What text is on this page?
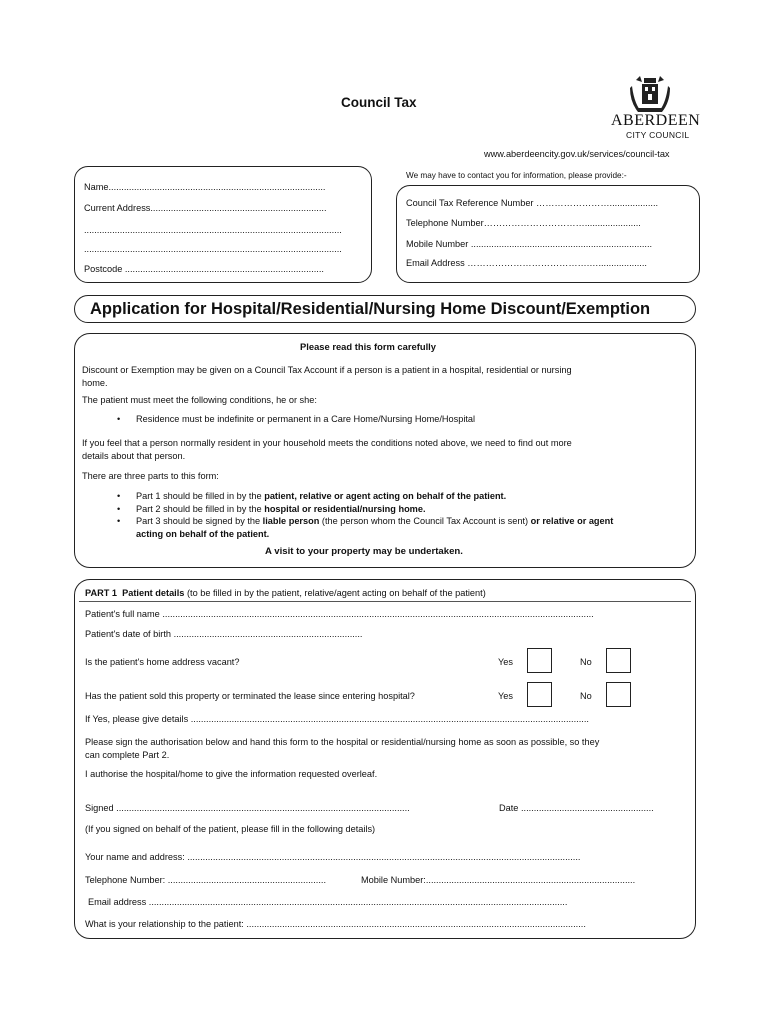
Council Tax
ABERDEEN
CITY COUNCIL
www.aberdeencity.gov.uk/services/council-tax
Name.....................................................................................
Current Address.....................................................................
.....................................................................................................
.....................................................................................................
Postcode ..............................................................................
We may have to contact you for information, please provide:-
Council Tax Reference Number ……………………...................
Telephone Number……………………………......................
Mobile Number .......................................................................
Email Address ………………………………….…...................
Application for Hospital/Residential/Nursing Home Discount/Exemption
Please read this form carefully
Discount or Exemption may be given on a Council Tax Account if a person is a patient in a hospital, residential or nursing
home.
The patient must meet the following conditions, he or she:
• Residence must be indefinite or permanent in a Care Home/Nursing Home/Hospital
If you feel that a person normally resident in your household meets the conditions noted above, we need to find out more
details about that person.
There are three parts to this form:
• Part 1 should be filled in by the patient, relative or agent acting on behalf of the patient.
• Part 2 should be filled in by the hospital or residential/nursing home.
• Part 3 should be signed by the liable person (the person whom the Council Tax Account is sent) or relative or agent
acting on behalf of the patient.
A visit to your property may be undertaken.
PART 1 Patient details (to be filled in by the patient, relative/agent acting on behalf of the patient)
Patient's full name .........................................................................................................................................................................
Patient's date of birth ..........................................................................
Is the patient's home address vacant?	Yes	No
Has the patient sold this property or terminated the lease since entering hospital?	Yes	No
If Yes, please give details ............................................................................................................................................................
Please sign the authorisation below and hand this form to the hospital or residential/nursing home as soon as possible, so they
can complete Part 2.
I authorise the hospital/home to give the information requested overleaf.
Signed ...................................................................................................................	Date ....................................................
(If you signed on behalf of the patient, please fill in the following details)
Your name and address: ..........................................................................................................................................................
Telephone Number: ..............................................................	Mobile Number:..................................................................................
Email address ....................................................................................................................................................................
What is your relationship to the patient: .....................................................................................................................................
